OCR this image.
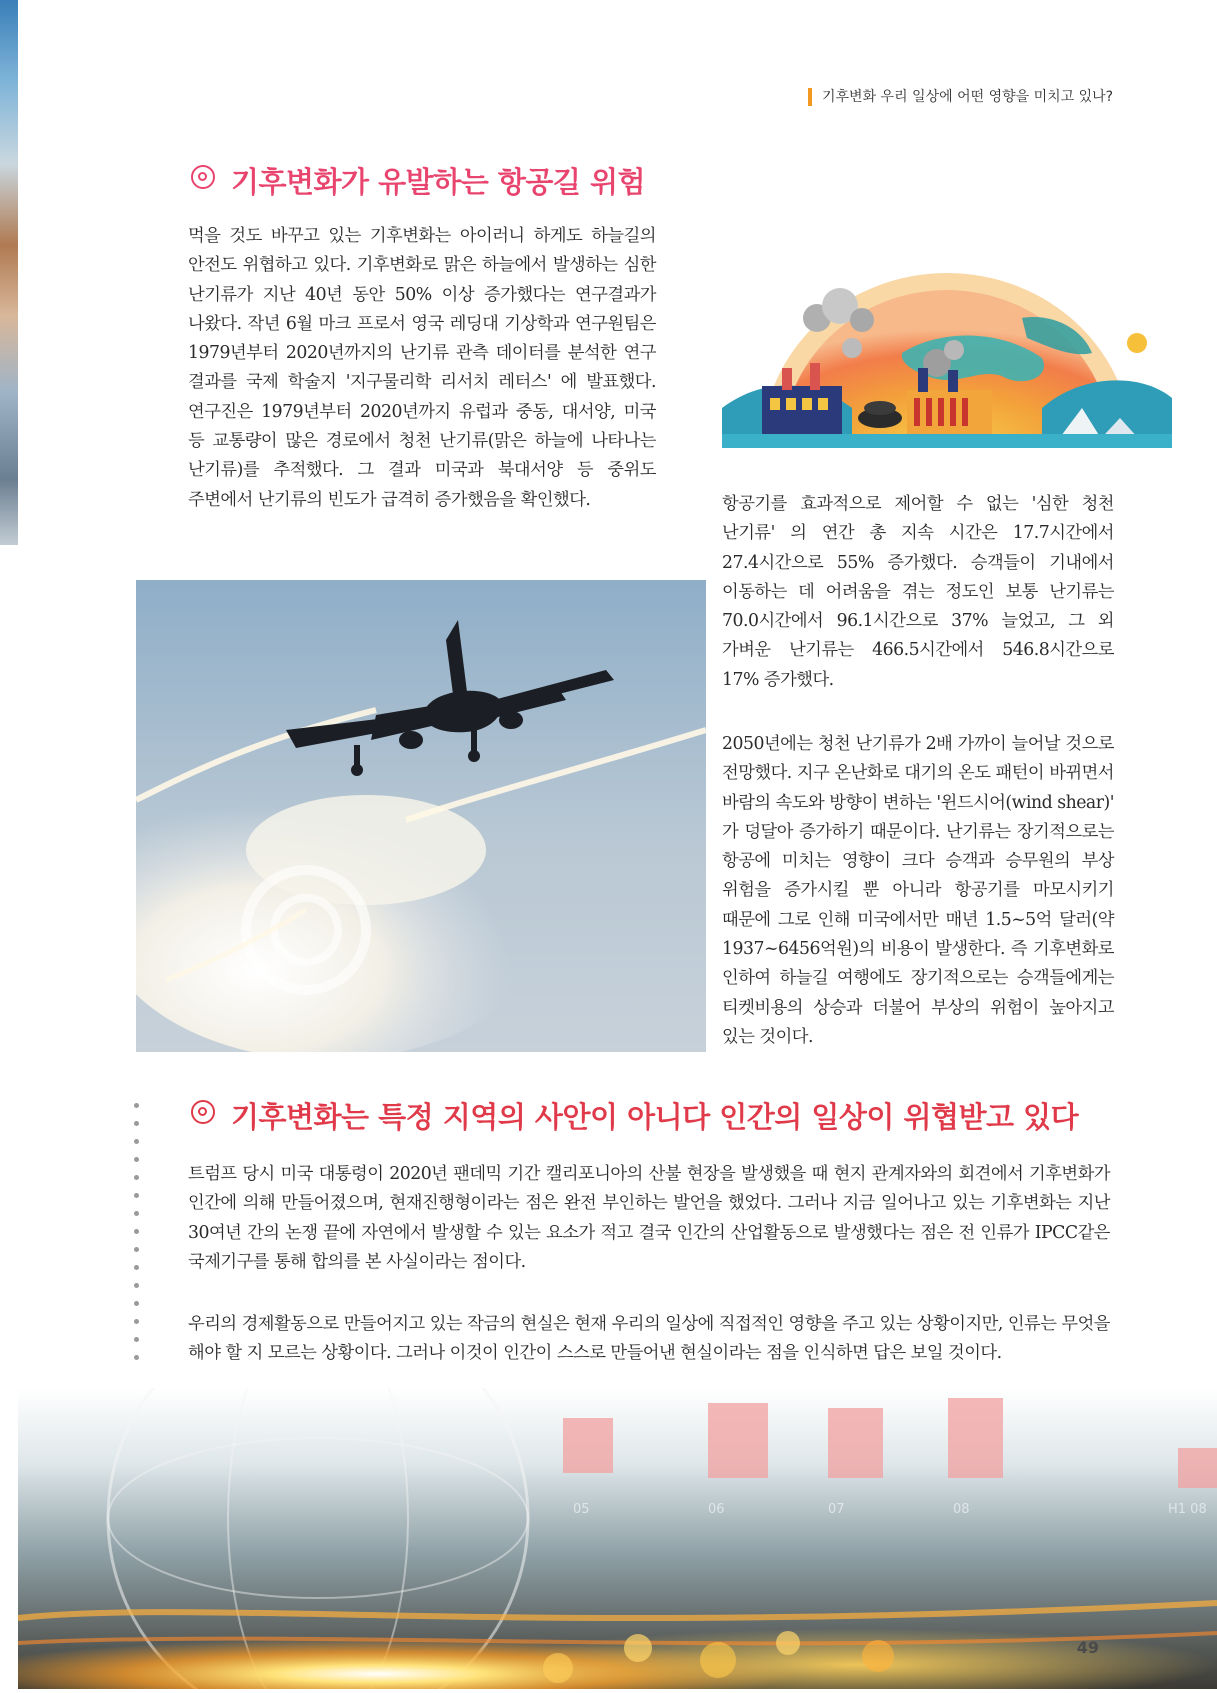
기후변화 우리 일상에 어떤 영향을 미치고 있나?
기후변화가 유발하는 항공길 위험

먹을 것도 바꾸고 있는 기후변화는 아이러니 하게도 하늘길의 안전도 위협하고 있다. 기후변화로 맑은 하늘에서 발생하는 심한 난기류가 지난 40년 동안 50% 이상 증가했다는 연구결과가 나왔다. 작년 6월 마크 프로서 영국 레딩대 기상학과 연구원팀은 1979년부터 2020년까지의 난기류 관측 데이터를 분석한 연구 결과를 국제 학술지 '지구물리학 리서치 레터스' 에 발표했다. 연구진은 1979년부터 2020년까지 유럽과 중동, 대서양, 미국 등 교통량이 많은 경로에서 청천 난기류(맑은 하늘에 나타나는 난기류)를 추적했다. 그 결과 미국과 북대서양 등 중위도 주변에서 난기류의 빈도가 급격히 증가했음을 확인했다.	항공기를 효과적으로 제어할 수 없는 '심한 청천 난기류' 의 연간 총 지속 시간은 17.7시간에서 27.4시간으로 55% 증가했다. 승객들이 기내에서 이동하는 데 어려움을 겪는 정도인 보통 난기류는 70.0시간에서 96.1시간으로 37% 늘었고, 그 외 가벼운 난기류는 466.5시간에서 546.8시간으로 17% 증가했다.

2050년에는 청천 난기류가 2배 가까이 늘어날 것으로 전망했다. 지구 온난화로 대기의 온도 패턴이 바뀌면서 바람의 속도와 방향이 변하는 '윈드시어(wind shear)' 가 덩달아 증가하기 때문이다. 난기류는 장기적으로는 항공에 미치는 영향이 크다 승객과 승무원의 부상 위험을 증가시킬 뿐 아니라 항공기를 마모시키기 때문에 그로 인해 미국에서만 매년 1.5~5억 달러(약 1937~6456억원)의 비용이 발생한다. 즉 기후변화로 인하여 하늘길 여행에도 장기적으로는 승객들에게는 티켓비용의 상승과 더불어 부상의 위험이 높아지고 있는 것이다.

기후변화는 특정 지역의 사안이 아니다 인간의 일상이 위협받고 있다

트럼프 당시 미국 대통령이 2020년 팬데믹 기간 캘리포니아의 산불 현장을 발생했을 때 현지 관계자와의 회견에서 기후변화가 인간에 의해 만들어졌으며, 현재진행형이라는 점은 완전 부인하는 발언을 했었다. 그러나 지금 일어나고 있는 기후변화는 지난 30여년 간의 논쟁 끝에 자연에서 발생할 수 있는 요소가 적고 결국 인간의 산업활동으로 발생했다는 점은 전 인류가 IPCC같은 국제기구를 통해 합의를 본 사실이라는 점이다.

우리의 경제활동으로 만들어지고 있는 작금의 현실은 현재 우리의 일상에 직접적인 영향을 주고 있는 상황이지만, 인류는 무엇을 해야 할 지 모르는 상황이다. 그러나 이것이 인간이 스스로 만들어낸 현실이라는 점을 인식하면 답은 보일 것이다.

05	06	07	08	H1 08
49
